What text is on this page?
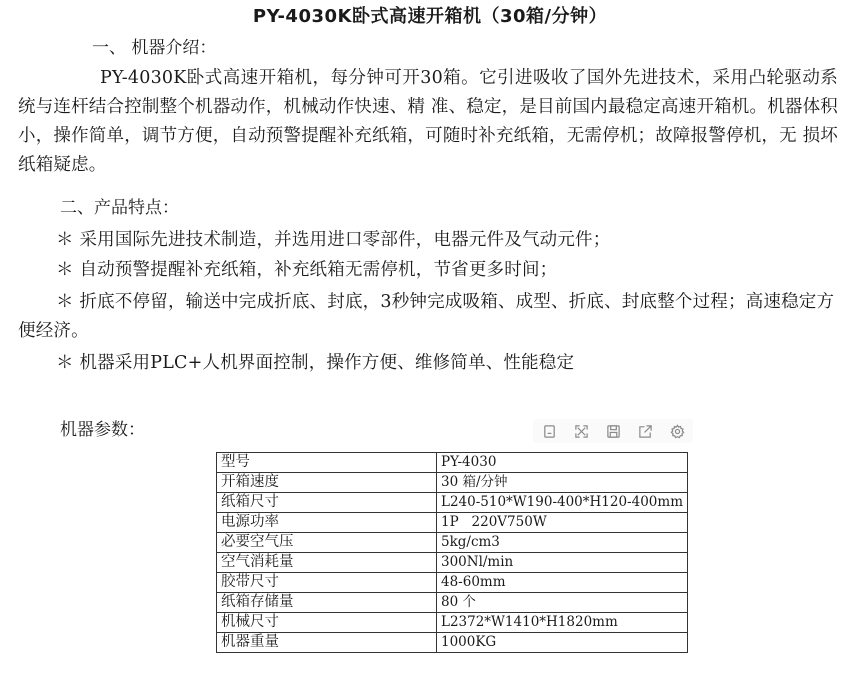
PY-4030K卧式高速开箱机（30箱/分钟）
一、 机器介绍：
PY-4030K卧式高速开箱机，每分钟可开30箱。它引进吸收了国外先进技术，采用凸轮驱动系统与连杆结合控制整个机器动作，机械动作快速、精 准、稳定，是目前国内最稳定高速开箱机。机器体积小，操作简单，调节方便，自动预警提醒补充纸箱，可随时补充纸箱，无需停机；故障报警停机，无 损坏纸箱疑虑。
二、产品特点：
＊ 采用国际先进技术制造，并选用进口零部件，电器元件及气动元件；
＊ 自动预警提醒补充纸箱，补充纸箱无需停机，节省更多时间；
＊ 折底不停留，输送中完成折底、封底，3秒钟完成吸箱、成型、折底、封底整个过程；高速稳定方便经济。
＊ 机器采用PLC+人机界面控制，操作方便、维修简单、性能稳定
机器参数：
型号	PY-4030
开箱速度	30 箱/分钟
纸箱尺寸	L240-510*W190-400*H120-400mm
电源功率	1P   220V750W
必要空气压	5kg/cm3
空气消耗量	300Nl/min
胶带尺寸	48-60mm
纸箱存储量	80 个
机械尺寸	L2372*W1410*H1820mm
机器重量	1000KG
